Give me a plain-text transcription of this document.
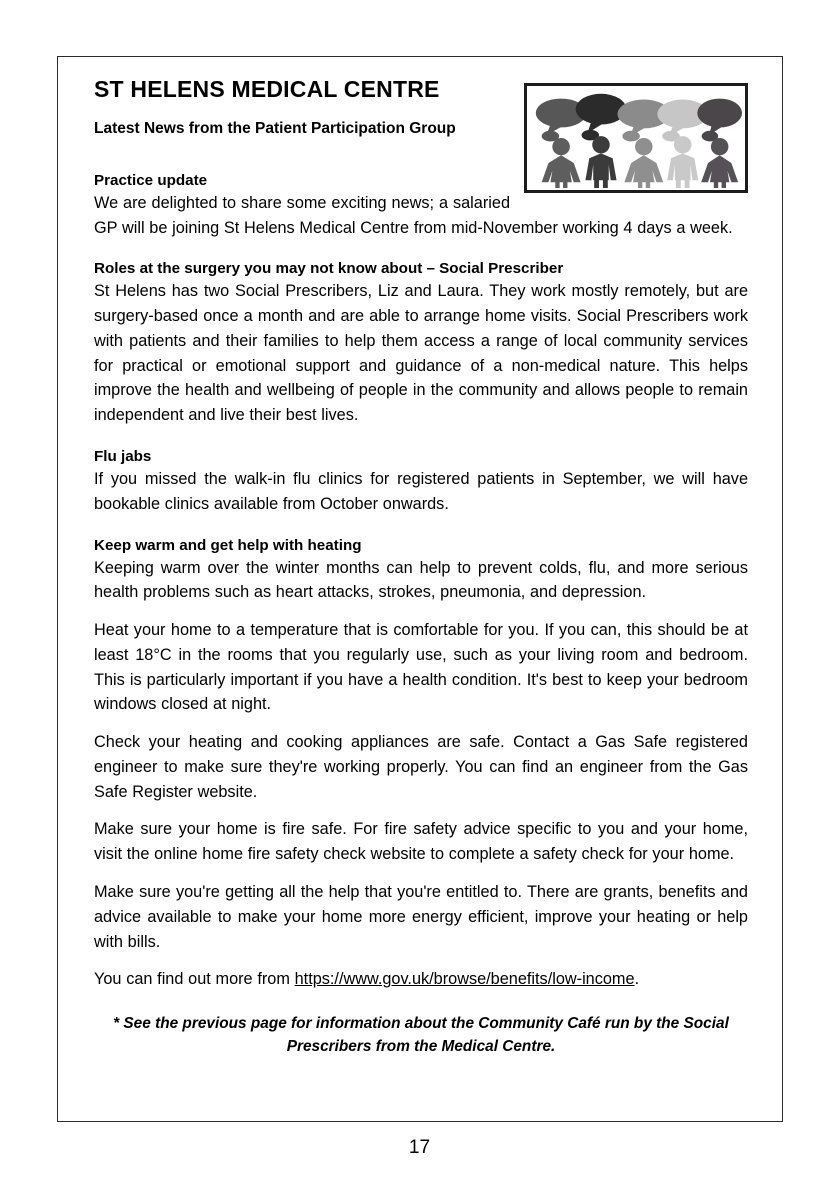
ST HELENS MEDICAL CENTRE
Latest News from the Patient Participation Group
Practice update

We are delighted to share some exciting news; a salaried GP will be joining St Helens Medical Centre from mid-November working 4 days a week.

Roles at the surgery you may not know about – Social Prescriber

St Helens has two Social Prescribers, Liz and Laura. They work mostly remotely, but are surgery-based once a month and are able to arrange home visits. Social Prescribers work with patients and their families to help them access a range of local community services for practical or emotional support and guidance of a non-medical nature. This helps improve the health and wellbeing of people in the community and allows people to remain independent and live their best lives.

Flu jabs

If you missed the walk-in flu clinics for registered patients in September, we will have bookable clinics available from October onwards.

Keep warm and get help with heating

Keeping warm over the winter months can help to prevent colds, flu, and more serious health problems such as heart attacks, strokes, pneumonia, and depression.

Heat your home to a temperature that is comfortable for you. If you can, this should be at least 18°C in the rooms that you regularly use, such as your living room and bedroom. This is particularly important if you have a health condition. It's best to keep your bedroom windows closed at night.

Check your heating and cooking appliances are safe. Contact a Gas Safe registered engineer to make sure they're working properly. You can find an engineer from the Gas Safe Register website.

Make sure your home is fire safe. For fire safety advice specific to you and your home, visit the online home fire safety check website to complete a safety check for your home.

Make sure you're getting all the help that you're entitled to. There are grants, benefits and advice available to make your home more energy efficient, improve your heating or help with bills.

You can find out more from https://www.gov.uk/browse/benefits/low-income.

* See the previous page for information about the Community Café run by the Social Prescribers from the Medical Centre.

17
